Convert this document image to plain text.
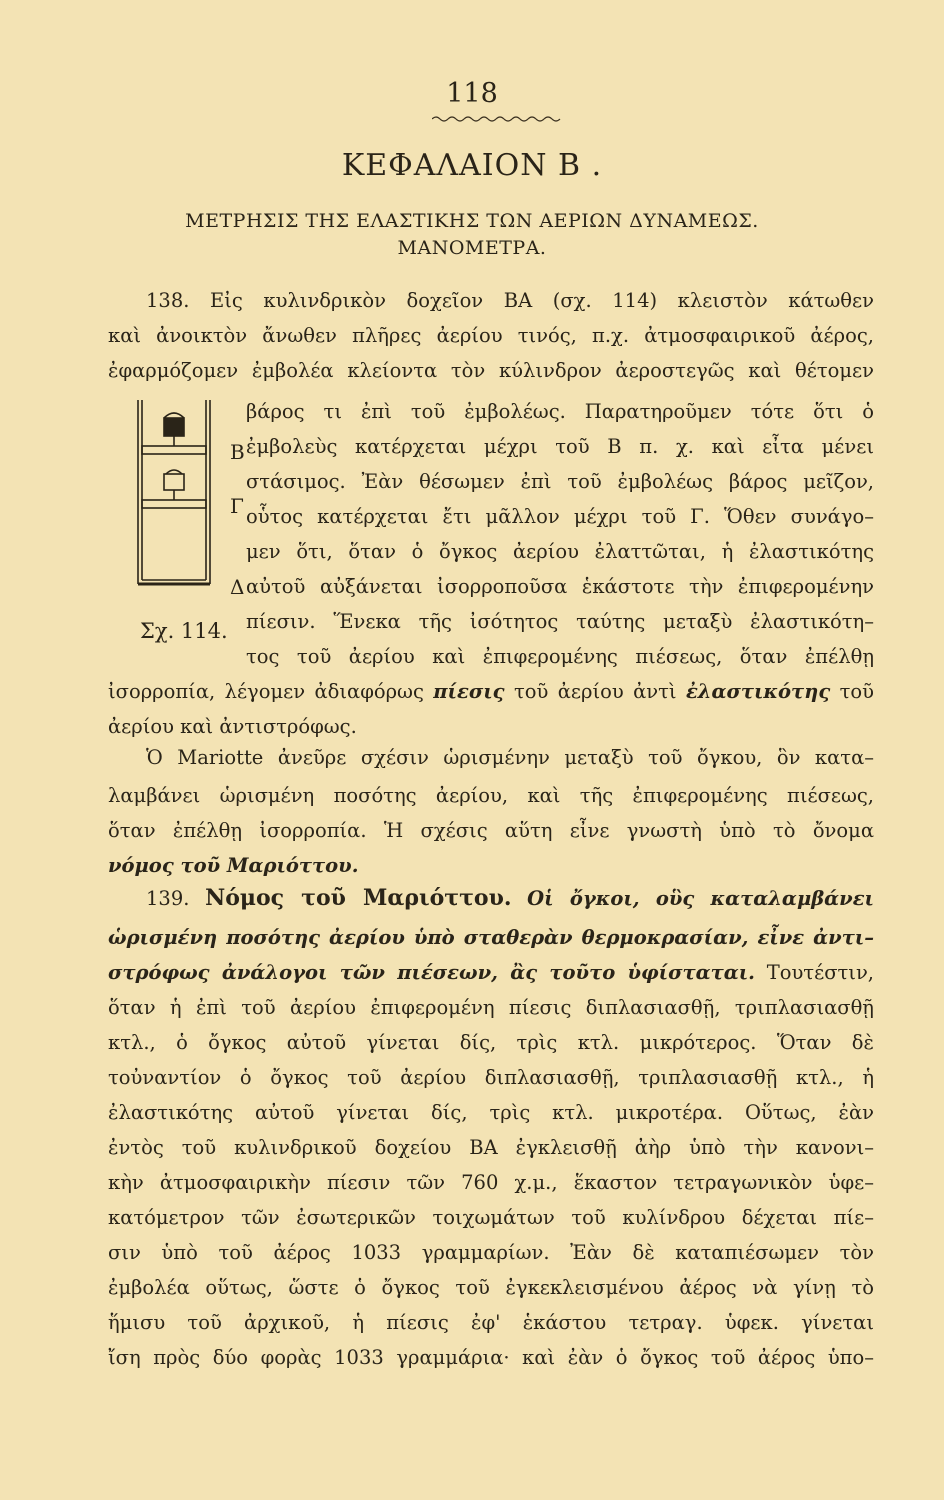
118
ΚΕΦΑΛΑΙΟΝ Β .
ΜΕΤΡΗΣΙΣ ΤΗΣ ΕΛΑΣΤΙΚΗΣ ΤΩΝ ΑΕΡΙΩΝ ΔΥΝΑΜΕΩΣ.
ΜΑΝΟΜΕΤΡΑ.
138. Εἰς κυλινδρικὸν δοχεῖον ΒΑ (σχ. 114) κλειστὸν κάτωθεν
καὶ ἀνοικτὸν ἄνωθεν πλῆρες ἀερίου τινός, π.χ. ἀτμοσφαιρικοῦ ἀέρος,
ἐφαρμόζομεν ἐμβολέα κλείοντα τὸν κύλινδρον ἀεροστεγῶς καὶ θέτομεν
βάρος τι ἐπὶ τοῦ ἐμβολέως. Παρατηροῦμεν τότε ὅτι ὁ
ἐμβολεὺς κατέρχεται μέχρι τοῦ Β π. χ. καὶ εἶτα μένει
στάσιμος. Ἐὰν θέσωμεν ἐπὶ τοῦ ἐμβολέως βάρος μεῖζον,
οὗτος κατέρχεται ἔτι μᾶλλον μέχρι τοῦ Γ. Ὅθεν συνάγο–
μεν ὅτι, ὅταν ὁ ὄγκος ἀερίου ἐλαττῶται, ἡ ἐλαστικότης
αὐτοῦ αὐξάνεται ἰσορροποῦσα ἑκάστοτε τὴν ἐπιφερομένην
πίεσιν. Ἕνεκα τῆς ἰσότητος ταύτης μεταξὺ ἐλαστικότη–
τος τοῦ ἀερίου καὶ ἐπιφερομένης πιέσεως, ὅταν ἐπέλθῃ
ἰσορροπία, λέγομεν ἀδιαφόρως πίεσις τοῦ ἀερίου ἀντὶ ἐλαστικότης τοῦ
ἀερίου καὶ ἀντιστρόφως.
Β
Γ
Δ
Σχ. 114.
Ὁ Mariotte ἀνεῦρε σχέσιν ὡρισμένην μεταξὺ τοῦ ὄγκου, ὃν κατα–
λαμβάνει ὡρισμένη ποσότης ἀερίου, καὶ τῆς ἐπιφερομένης πιέσεως,
ὅταν ἐπέλθῃ ἰσορροπία. Ἡ σχέσις αὕτη εἶνε γνωστὴ ὑπὸ τὸ ὄνομα
νόμος τοῦ Μαριόττου.
139. Νόμος τοῦ Μαριόττου. Οἱ ὄγκοι, οὓς καταλαμβάνει
ὡρισμένη ποσότης ἀερίου ὑπὸ σταθερὰν θερμοκρασίαν, εἶνε ἀντι–
στρόφως ἀνάλογοι τῶν πιέσεων, ἂς τοῦτο ὑφίσταται. Τουτέστιν,
ὅταν ἡ ἐπὶ τοῦ ἀερίου ἐπιφερομένη πίεσις διπλασιασθῇ, τριπλασιασθῇ
κτλ., ὁ ὄγκος αὐτοῦ γίνεται δίς, τρὶς κτλ. μικρότερος. Ὅταν δὲ
τοὐναντίον ὁ ὄγκος τοῦ ἀερίου διπλασιασθῇ, τριπλασιασθῇ κτλ., ἡ
ἐλαστικότης αὐτοῦ γίνεται δίς, τρὶς κτλ. μικροτέρα. Οὕτως, ἐὰν
ἐντὸς τοῦ κυλινδρικοῦ δοχείου ΒΑ ἐγκλεισθῇ ἀὴρ ὑπὸ τὴν κανονι–
κὴν ἀτμοσφαιρικὴν πίεσιν τῶν 760 χ.μ., ἕκαστον τετραγωνικὸν ὑφε–
κατόμετρον τῶν ἐσωτερικῶν τοιχωμάτων τοῦ κυλίνδρου δέχεται πίε–
σιν ὑπὸ τοῦ ἀέρος 1033 γραμμαρίων. Ἐὰν δὲ καταπιέσωμεν τὸν
ἐμβολέα οὕτως, ὥστε ὁ ὄγκος τοῦ ἐγκεκλεισμένου ἀέρος νὰ γίνῃ τὸ
ἥμισυ τοῦ ἀρχικοῦ, ἡ πίεσις ἐφ' ἑκάστου τετραγ. ὑφεκ. γίνεται
ἴση πρὸς δύο φορὰς 1033 γραμμάρια· καὶ ἐὰν ὁ ὄγκος τοῦ ἀέρος ὑπο–
